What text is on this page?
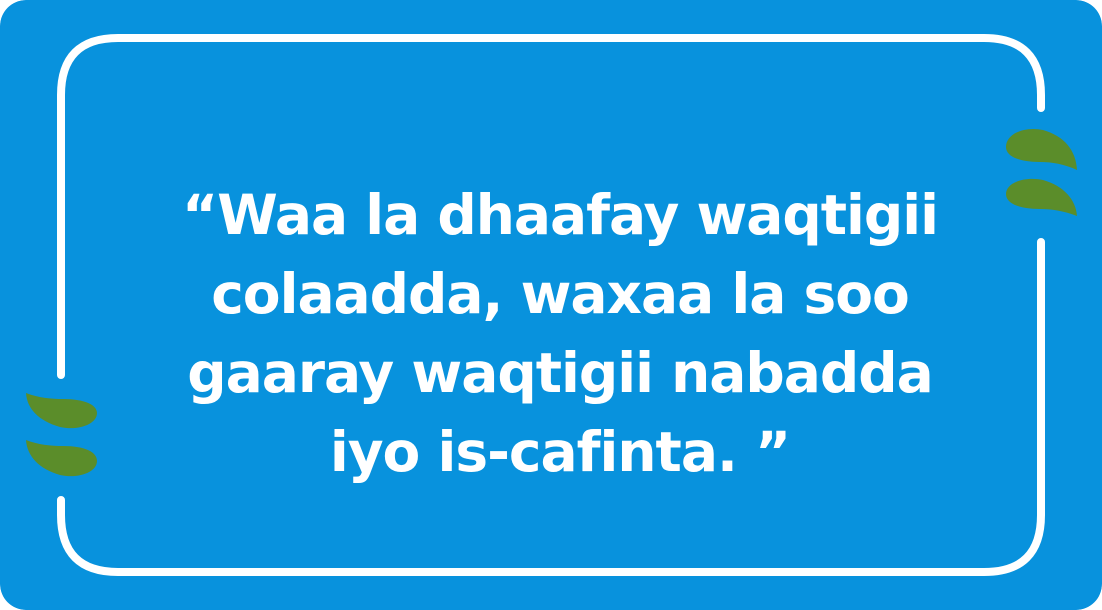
“Waa la dhaafay waqtigii colaadda, waxaa la soo gaaray waqtigii nabadda iyo is-cafinta. ”
